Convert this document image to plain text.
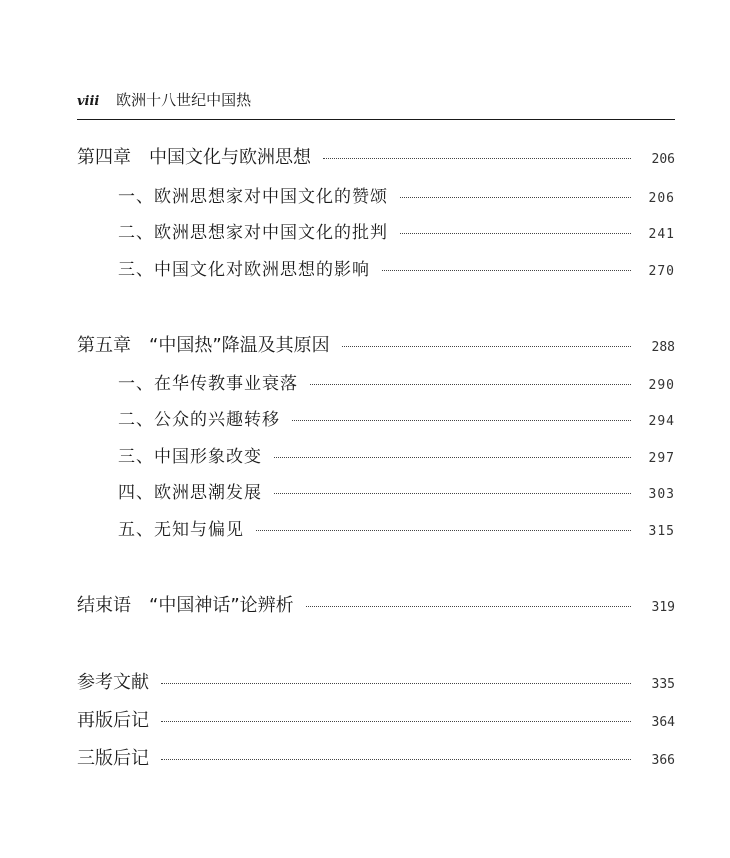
viii 欧洲十八世纪中国热
第四章　中国文化与欧洲思想	206
一、欧洲思想家对中国文化的赞颂	206
二、欧洲思想家对中国文化的批判	241
三、中国文化对欧洲思想的影响	270
第五章　“中国热”降温及其原因	288
一、在华传教事业衰落	290
二、公众的兴趣转移	294
三、中国形象改变	297
四、欧洲思潮发展	303
五、无知与偏见	315
结束语　“中国神话”论辨析	319
参考文献	335
再版后记	364
三版后记	366
